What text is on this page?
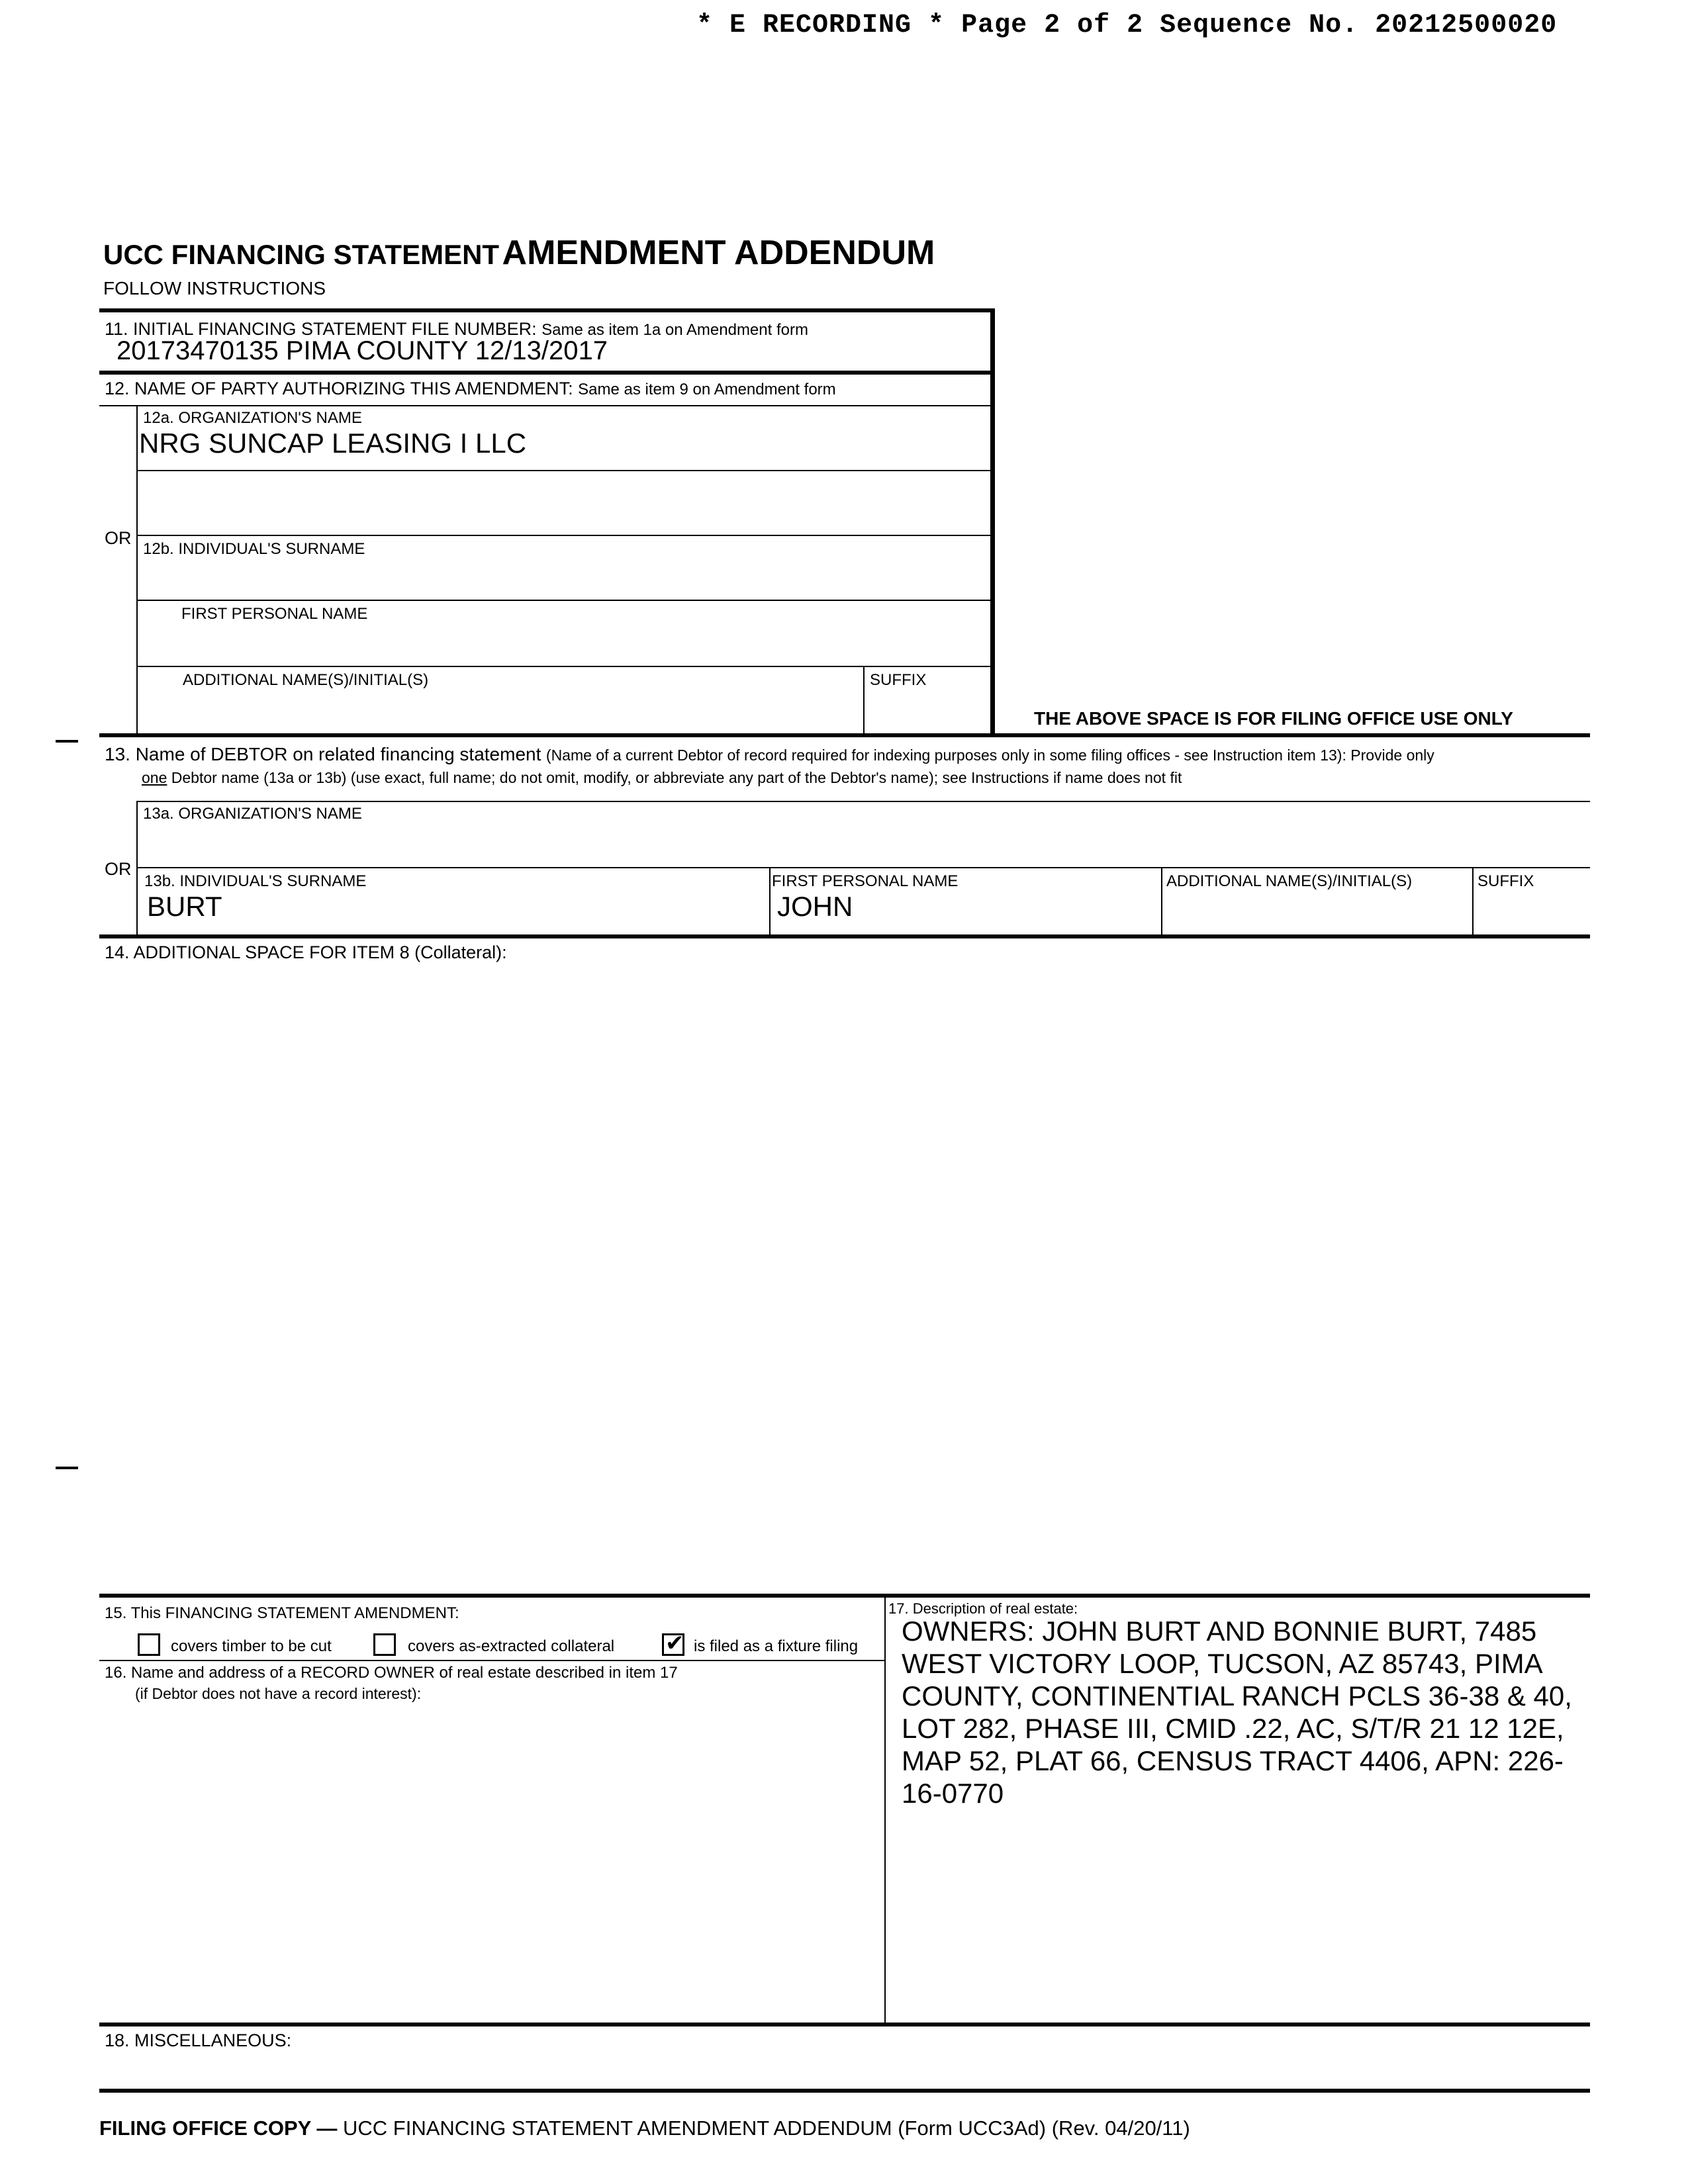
* E RECORDING * Page 2 of 2 Sequence No. 20212500020
UCC FINANCING STATEMENT AMENDMENT ADDENDUM
FOLLOW INSTRUCTIONS
11. INITIAL FINANCING STATEMENT FILE NUMBER: Same as item 1a on Amendment form
20173470135 PIMA COUNTY 12/13/2017
12. NAME OF PARTY AUTHORIZING THIS AMENDMENT: Same as item 9 on Amendment form
12a. ORGANIZATION'S NAME
NRG SUNCAP LEASING I LLC
OR
12b. INDIVIDUAL'S SURNAME
FIRST PERSONAL NAME
ADDITIONAL NAME(S)/INITIAL(S)	SUFFIX
THE ABOVE SPACE IS FOR FILING OFFICE USE ONLY
13. Name of DEBTOR on related financing statement (Name of a current Debtor of record required for indexing purposes only in some filing offices - see Instruction item 13): Provide only
one Debtor name (13a or 13b) (use exact, full name; do not omit, modify, or abbreviate any part of the Debtor's name); see Instructions if name does not fit
13a. ORGANIZATION'S NAME
OR
13b. INDIVIDUAL'S SURNAME
BURT
FIRST PERSONAL NAME
JOHN
ADDITIONAL NAME(S)/INITIAL(S)	SUFFIX
14. ADDITIONAL SPACE FOR ITEM 8 (Collateral):
15. This FINANCING STATEMENT AMENDMENT:
covers timber to be cut	covers as-extracted collateral
✔	is filed as a fixture filing
16. Name and address of a RECORD OWNER of real estate described in item 17
(if Debtor does not have a record interest):
17. Description of real estate:
OWNERS: JOHN BURT AND BONNIE BURT, 7485 WEST VICTORY LOOP, TUCSON, AZ 85743, PIMA COUNTY, CONTINENTIAL RANCH PCLS 36-38 & 40, LOT 282, PHASE III, CMID .22, AC, S/T/R 21 12 12E, MAP 52, PLAT 66, CENSUS TRACT 4406, APN: 226-16-0770
18. MISCELLANEOUS:
FILING OFFICE COPY — UCC FINANCING STATEMENT AMENDMENT ADDENDUM (Form UCC3Ad) (Rev. 04/20/11)
